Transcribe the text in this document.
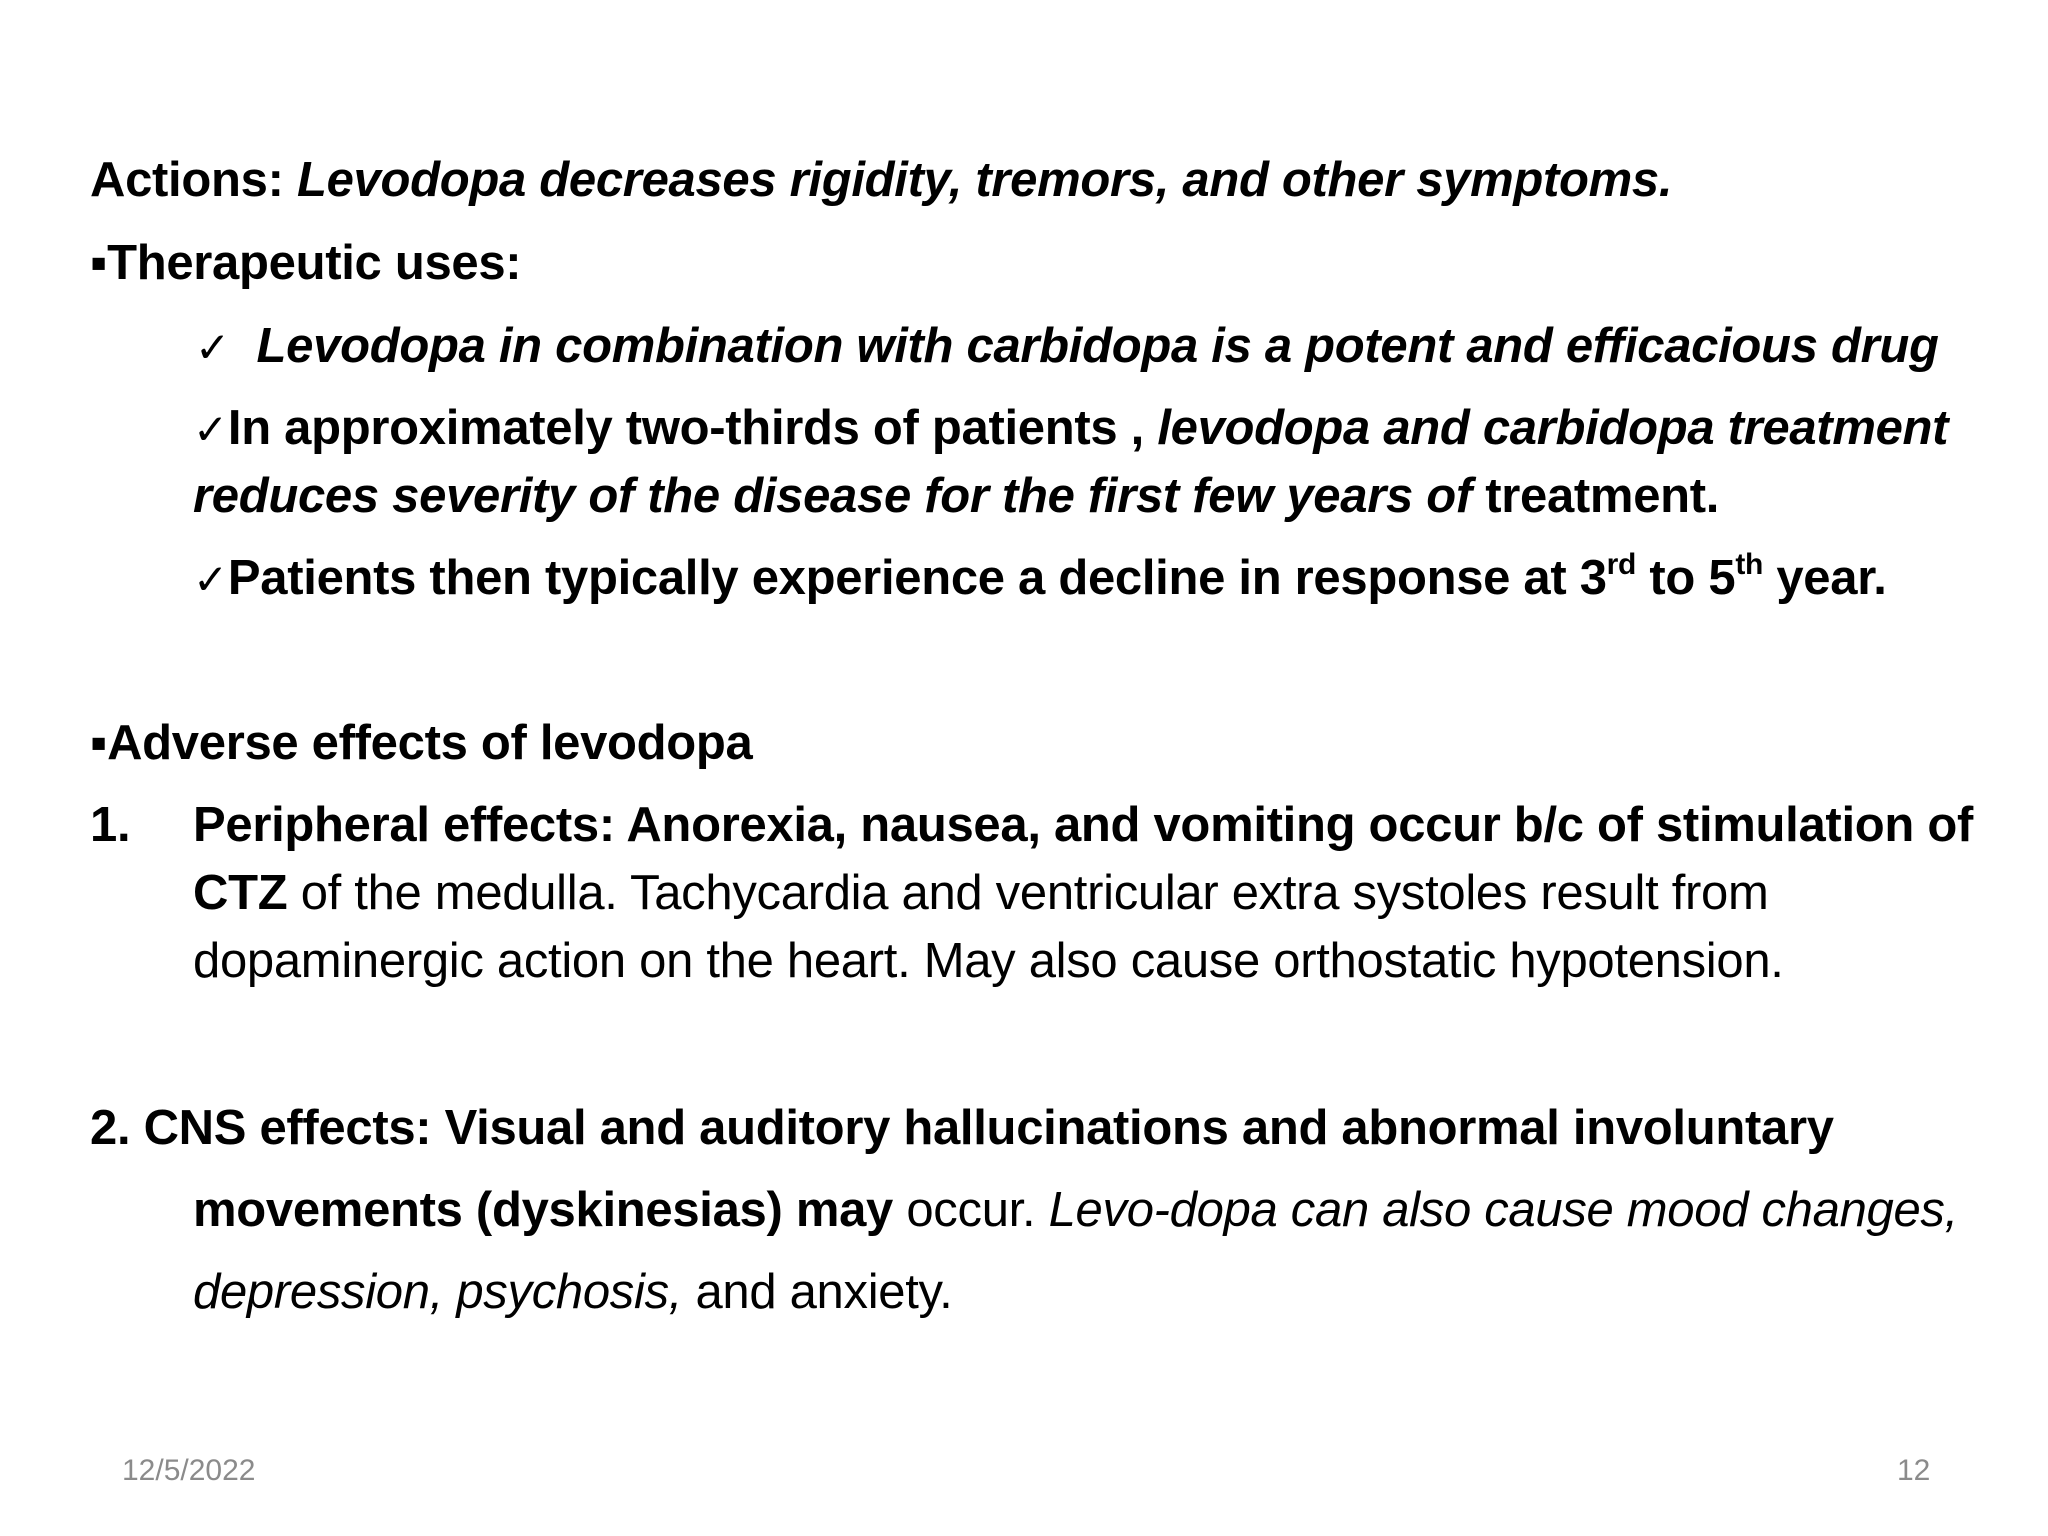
Actions: Levodopa decreases rigidity, tremors, and other symptoms.
▪Therapeutic uses:
✓ Levodopa in combination with carbidopa is a potent and efficacious drug
✓In approximately two-thirds of patients , levodopa and carbidopa treatment
reduces severity of the disease for the first few years of treatment.
✓Patients then typically experience a decline in response at 3rd to 5th year.
▪Adverse effects of levodopa
1. Peripheral effects: Anorexia, nausea, and vomiting occur b/c of stimulation of
CTZ of the medulla. Tachycardia and ventricular extra systoles result from
dopaminergic action on the heart. May also cause orthostatic hypotension.
2. CNS effects: Visual and auditory hallucinations and abnormal involuntary
movements (dyskinesias) may occur. Levo-dopa can also cause mood changes,
depression, psychosis, and anxiety.
12/5/2022	12
